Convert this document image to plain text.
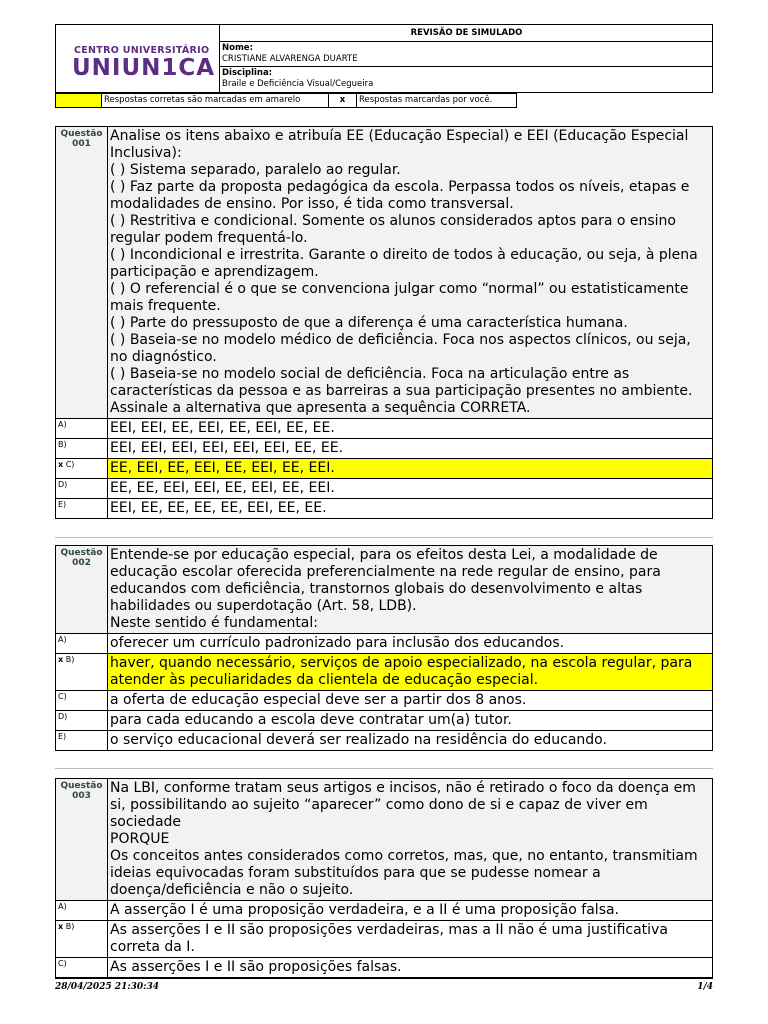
CENTRO UNIVERSITÁRIO
UNIUN1CA
REVISÃO DE SIMULADO
Nome:
CRISTIANE ALVARENGA DUARTE
Disciplina:
Braile e Deficiência Visual/Cegueira
Respostas corretas são marcadas em amarelo	x	Respostas marcardas por você.
Questão
001	Analise os itens abaixo e atribuía EE (Educação Especial) e EEI (Educação Especial Inclusiva):
( ) Sistema separado, paralelo ao regular.
( ) Faz parte da proposta pedagógica da escola. Perpassa todos os níveis, etapas e modalidades de ensino. Por isso, é tida como transversal.
( ) Restritiva e condicional. Somente os alunos considerados aptos para o ensino regular podem frequentá-lo.
( ) Incondicional e irrestrita. Garante o direito de todos à educação, ou seja, à plena participação e aprendizagem.
( ) O referencial é o que se convenciona julgar como “normal” ou estatisticamente mais frequente.
( ) Parte do pressuposto de que a diferença é uma característica humana.
( ) Baseia-se no modelo médico de deficiência. Foca nos aspectos clínicos, ou seja, no diagnóstico.
( ) Baseia-se no modelo social de deficiência. Foca na articulação entre as características da pessoa e as barreiras a sua participação presentes no ambiente.
Assinale a alternativa que apresenta a sequência CORRETA.
A)	EEI, EEI, EE, EEI, EE, EEI, EE, EE.
B)	EEI, EEI, EEI, EEI, EEI, EEI, EE, EE.
x C)	EE, EEI, EE, EEI, EE, EEI, EE, EEI.
D)	EE, EE, EEI, EEI, EE, EEI, EE, EEI.
E)	EEI, EE, EE, EE, EE, EEI, EE, EE.
Questão
002	Entende-se por educação especial, para os efeitos desta Lei, a modalidade de educação escolar oferecida preferencialmente na rede regular de ensino, para educandos com deficiência, transtornos globais do desenvolvimento e altas habilidades ou superdotação (Art. 58, LDB).
Neste sentido é fundamental:
A)	oferecer um currículo padronizado para inclusão dos educandos.
x B)	haver, quando necessário, serviços de apoio especializado, na escola regular, para atender às peculiaridades da clientela de educação especial.
C)	a oferta de educação especial deve ser a partir dos 8 anos.
D)	para cada educando a escola deve contratar um(a) tutor.
E)	o serviço educacional deverá ser realizado na residência do educando.
Questão
003	Na LBI, conforme tratam seus artigos e incisos, não é retirado o foco da doença em si, possibilitando ao sujeito “aparecer” como dono de si e capaz de viver em sociedade
PORQUE
Os conceitos antes considerados como corretos, mas, que, no entanto, transmitiam ideias equivocadas foram substituídos para que se pudesse nomear a doença/deficiência e não o sujeito.
A)	A asserção I é uma proposição verdadeira, e a II é uma proposição falsa.
x B)	As asserções I e II são proposições verdadeiras, mas a II não é uma justificativa correta da I.
C)	As asserções I e II são proposições falsas.
28/04/2025 21:30:34	1/4
